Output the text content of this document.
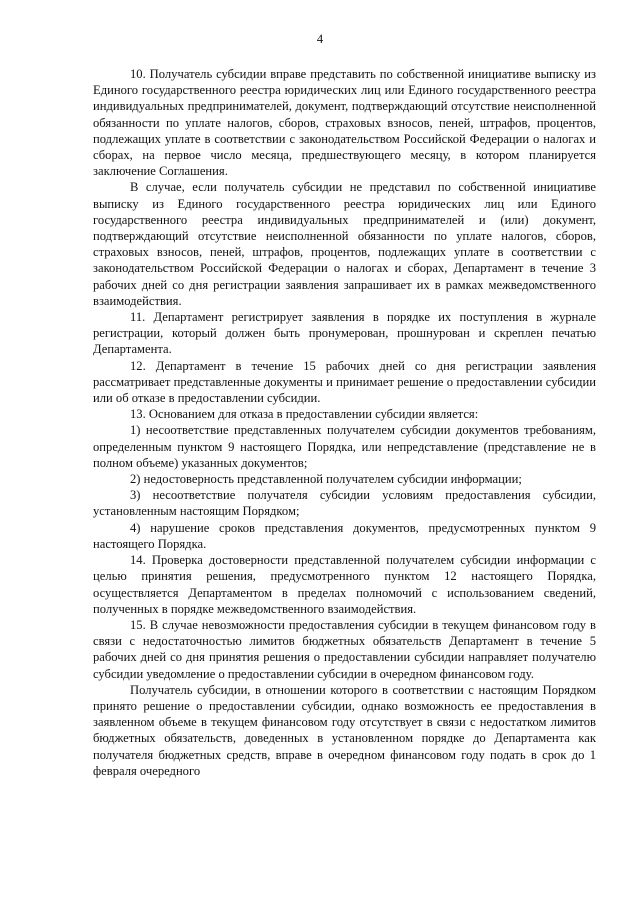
4

10. Получатель субсидии вправе представить по собственной инициативе выписку из Единого государственного реестра юридических лиц или Единого государственного реестра индивидуальных предпринимателей, документ, подтверждающий отсутствие неисполненной обязанности по уплате налогов, сборов, страховых взносов, пеней, штрафов, процентов, подлежащих уплате в соответствии с законодательством Российской Федерации о налогах и сборах, на первое число месяца, предшествующего месяцу, в котором планируется заключение Соглашения.

В случае, если получатель субсидии не представил по собственной инициативе выписку из Единого государственного реестра юридических лиц или Единого государственного реестра индивидуальных предпринимателей и (или) документ, подтверждающий отсутствие неисполненной обязанности по уплате налогов, сборов, страховых взносов, пеней, штрафов, процентов, подлежащих уплате в соответствии с законодательством Российской Федерации о налогах и сборах, Департамент в течение 3 рабочих дней со дня регистрации заявления запрашивает их в рамках межведомственного взаимодействия.

11. Департамент регистрирует заявления в порядке их поступления в журнале регистрации, который должен быть пронумерован, прошнурован и скреплен печатью Департамента.

12. Департамент в течение 15 рабочих дней со дня регистрации заявления рассматривает представленные документы и принимает решение о предоставлении субсидии или об отказе в предоставлении субсидии.

13. Основанием для отказа в предоставлении субсидии является:

1) несоответствие представленных получателем субсидии документов требованиям, определенным пунктом 9 настоящего Порядка, или непредставление (представление не в полном объеме) указанных документов;

2) недостоверность представленной получателем субсидии информации;

3) несоответствие получателя субсидии условиям предоставления субсидии, установленным настоящим Порядком;

4) нарушение сроков представления документов, предусмотренных пунктом 9 настоящего Порядка.

14. Проверка достоверности представленной получателем субсидии информации с целью принятия решения, предусмотренного пунктом 12 настоящего Порядка, осуществляется Департаментом в пределах полномочий с использованием сведений, полученных в порядке межведомственного взаимодействия.

15. В случае невозможности предоставления субсидии в текущем финансовом году в связи с недостаточностью лимитов бюджетных обязательств Департамент в течение 5 рабочих дней со дня принятия решения о предоставлении субсидии направляет получателю субсидии уведомление о предоставлении субсидии в очередном финансовом году.

Получатель субсидии, в отношении которого в соответствии с настоящим Порядком принято решение о предоставлении субсидии, однако возможность ее предоставления в заявленном объеме в текущем финансовом году отсутствует в связи с недостатком лимитов бюджетных обязательств, доведенных в установленном порядке до Департамента как получателя бюджетных средств, вправе в очередном финансовом году подать в срок до 1 февраля очередного
